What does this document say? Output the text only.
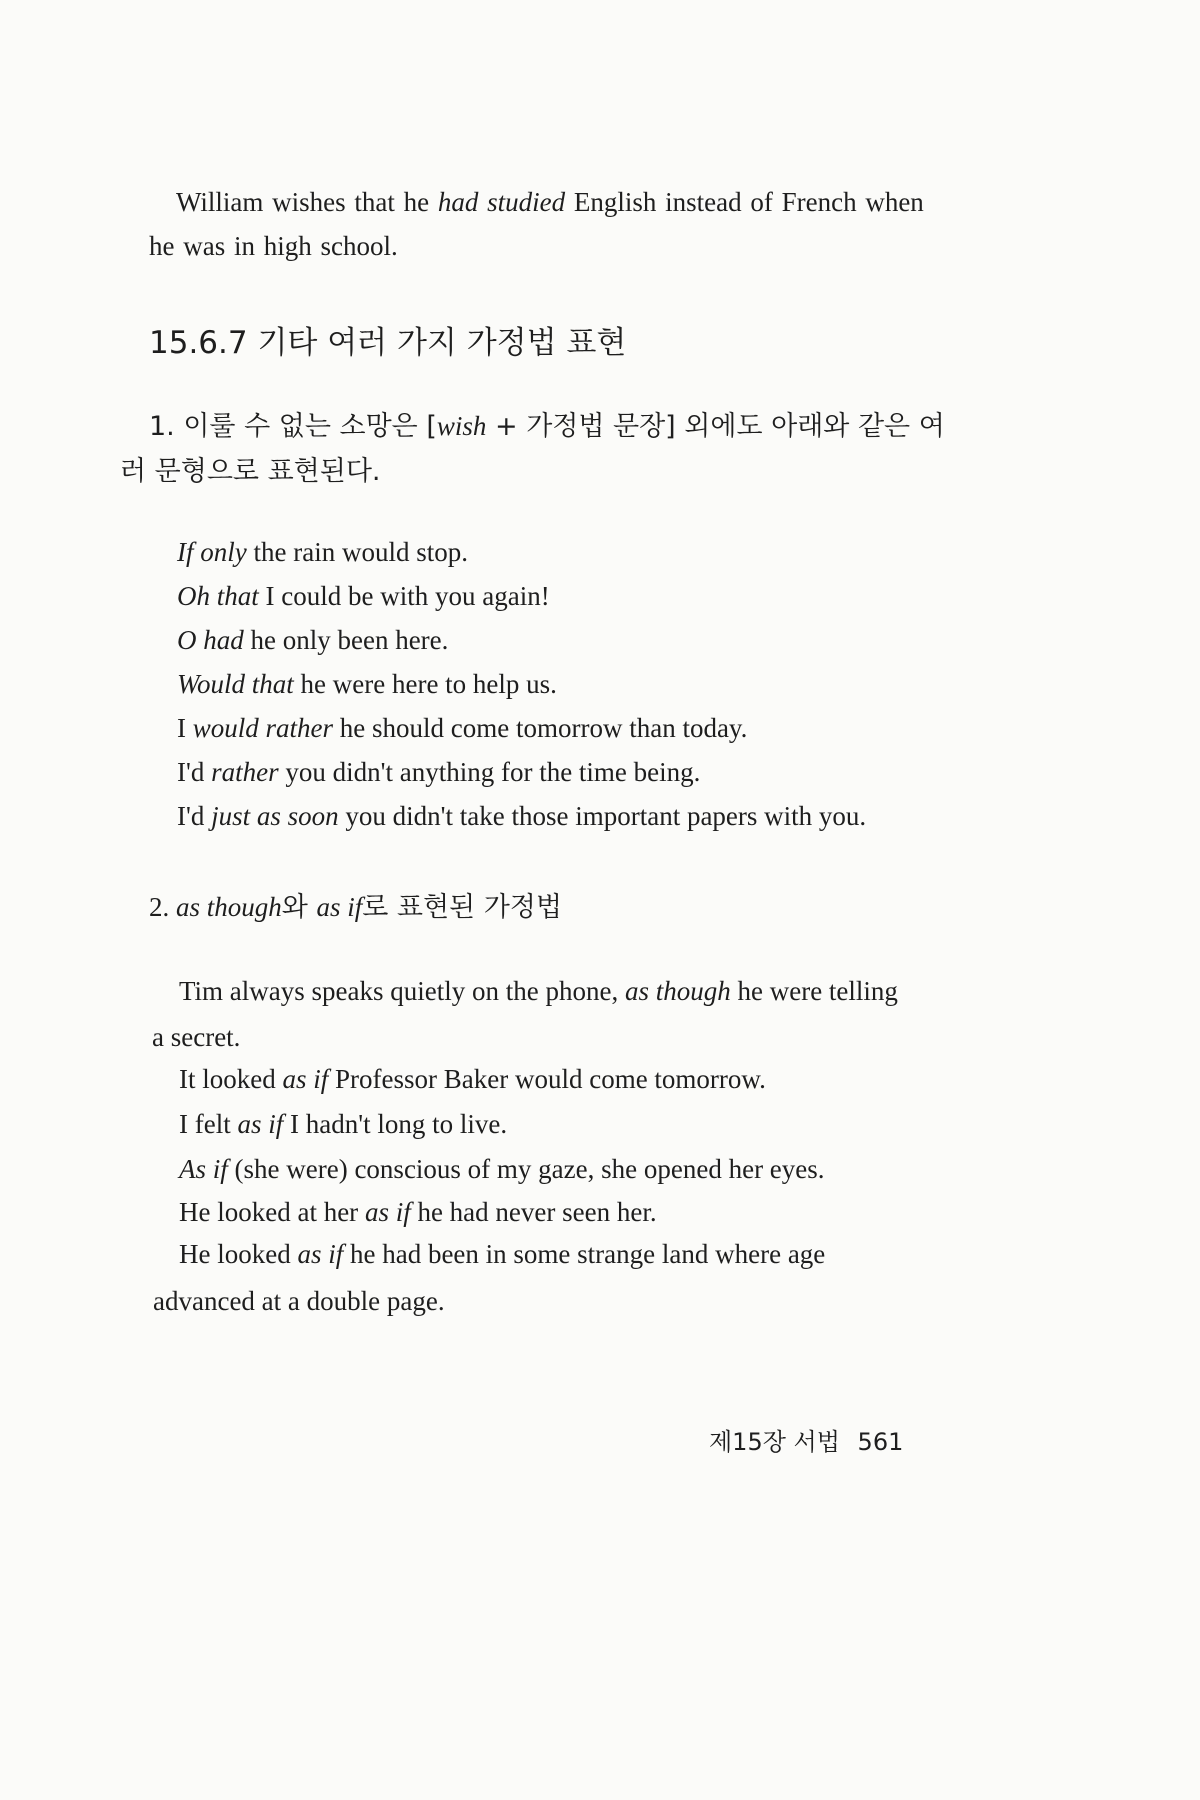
William wishes that he had studied English instead of French when
he was in high school.
15.6.7 기타 여러 가지 가정법 표현
1. 이룰 수 없는 소망은 [wish + 가정법 문장] 외에도 아래와 같은 여
러 문형으로 표현된다.
If only the rain would stop.
Oh that I could be with you again!
O had he only been here.
Would that he were here to help us.
I would rather he should come tomorrow than today.
I'd rather you didn't anything for the time being.
I'd just as soon you didn't take those important papers with you.
2. as though와 as if로 표현된 가정법
Tim always speaks quietly on the phone, as though he were telling
a secret.
It looked as if Professor Baker would come tomorrow.
I felt as if I hadn't long to live.
As if (she were) conscious of my gaze, she opened her eyes.
He looked at her as if he had never seen her.
He looked as if he had been in some strange land where age
advanced at a double page.
제15장 서법 561
